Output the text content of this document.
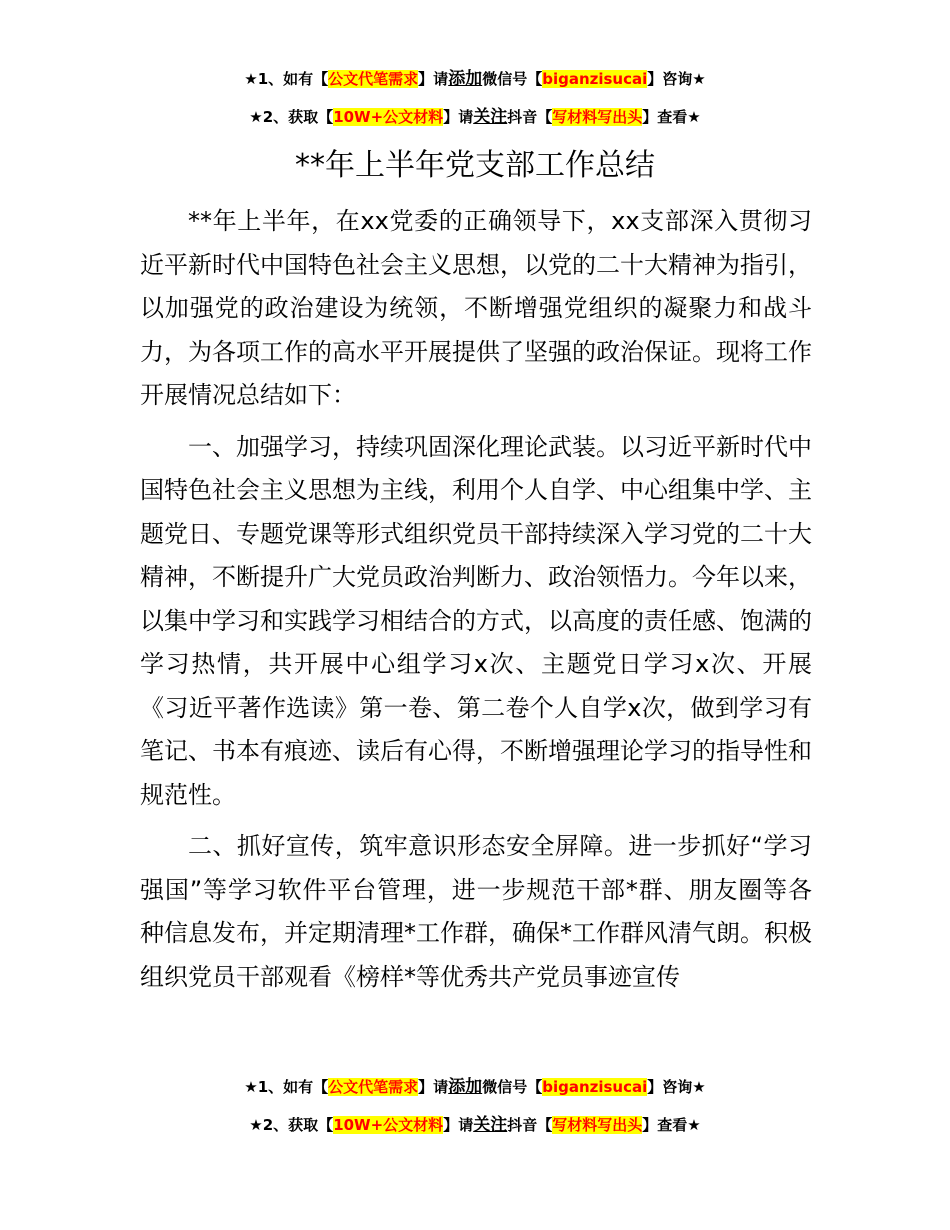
★1、如有【公文代笔需求】请添加微信号【biganzisucai】咨询★
★2、获取【10W+公文材料】请关注抖音【写材料写出头】查看★
**年上半年党支部工作总结

**年上半年，在xx党委的正确领导下，xx支部深入贯彻习近平新时代中国特色社会主义思想，以党的二十大精神为指引，以加强党的政治建设为统领，不断增强党组织的凝聚力和战斗力，为各项工作的高水平开展提供了坚强的政治保证。现将工作开展情况总结如下：

一、加强学习，持续巩固深化理论武装。以习近平新时代中国特色社会主义思想为主线，利用个人自学、中心组集中学、主题党日、专题党课等形式组织党员干部持续深入学习党的二十大精神，不断提升广大党员政治判断力、政治领悟力。今年以来，以集中学习和实践学习相结合的方式，以高度的责任感、饱满的学习热情，共开展中心组学习x次、主题党日学习x次、开展《习近平著作选读》第一卷、第二卷个人自学x次，做到学习有笔记、书本有痕迹、读后有心得，不断增强理论学习的指导性和规范性。

二、抓好宣传，筑牢意识形态安全屏障。进一步抓好“学习强国”等学习软件平台管理，进一步规范干部*群、朋友圈等各种信息发布，并定期清理*工作群，确保*工作群风清气朗。积极组织党员干部观看《榜样*等优秀共产党员事迹宣传

★1、如有【公文代笔需求】请添加微信号【biganzisucai】咨询★
★2、获取【10W+公文材料】请关注抖音【写材料写出头】查看★
